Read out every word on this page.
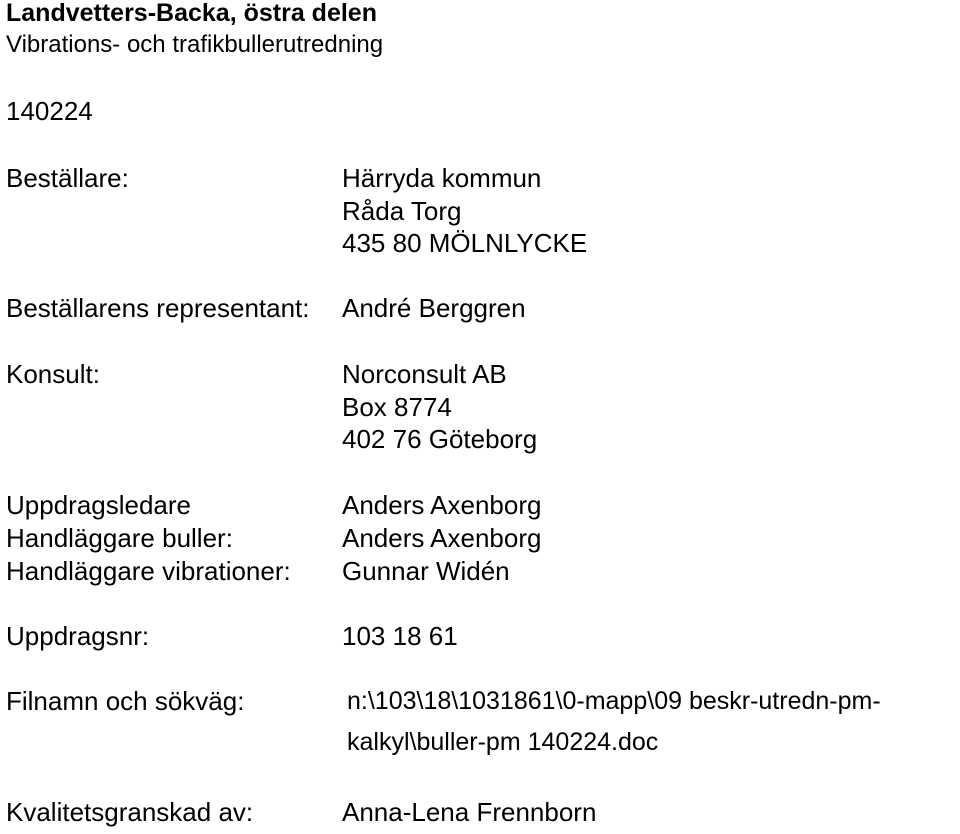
Landvetters-Backa, östra delen
Vibrations- och trafikbullerutredning
140224
Beställare:	Härryda kommun
Råda Torg
435 80 MÖLNLYCKE
Beställarens representant: André Berggren
Konsult:	Norconsult AB
Box 8774
402 76 Göteborg
Uppdragsledare	Anders Axenborg
Handläggare buller:	Anders Axenborg
Handläggare vibrationer: Gunnar Widén
Uppdragsnr:	103 18 61
Filnamn och sökväg:	n:\103\18\1031861\0-mapp\09 beskr-utredn-pm-
kalkyl\buller-pm 140224.doc
Kvalitetsgranskad av:	Anna-Lena Frennborn
